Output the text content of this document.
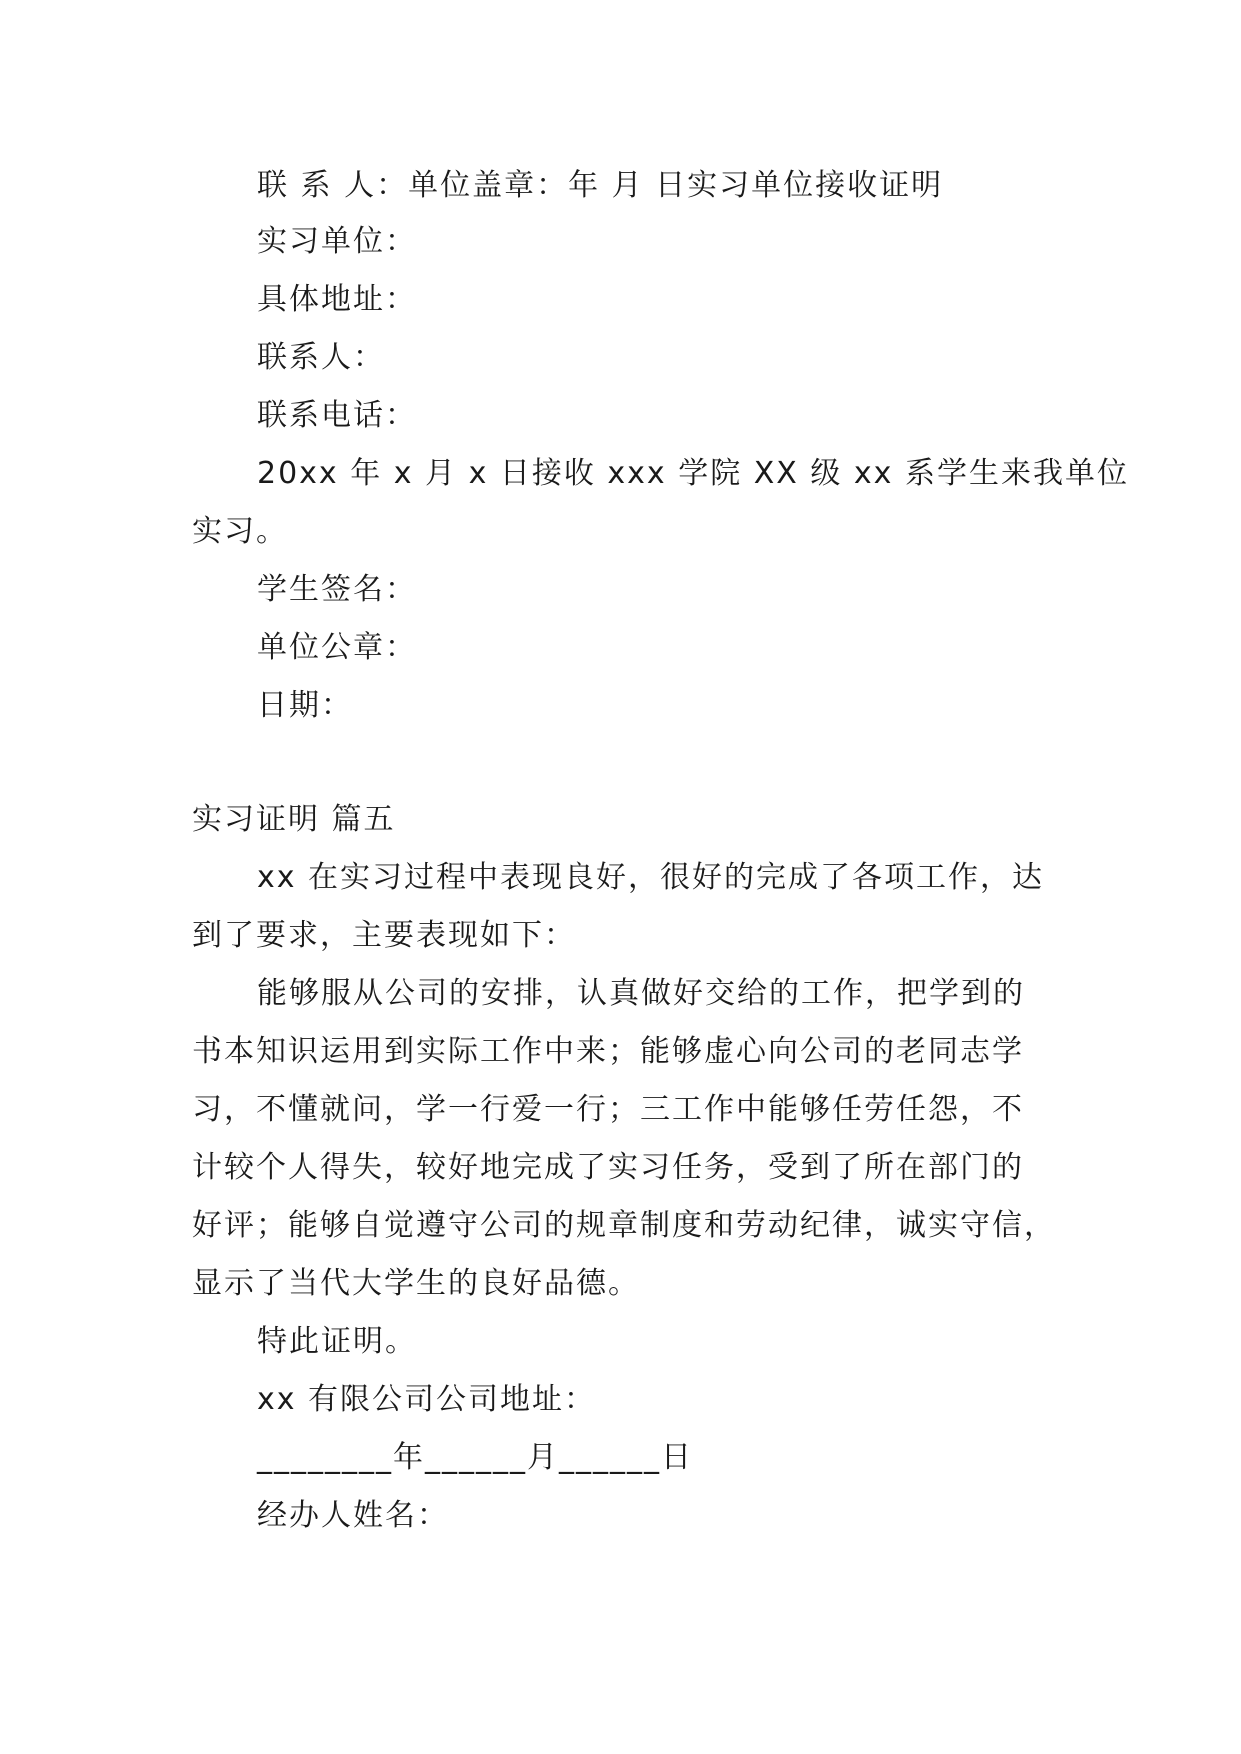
联 系 人：单位盖章：年 月 日实习单位接收证明
实习单位：
具体地址：
联系人：
联系电话：
20xx 年 x 月 x 日接收 xxx 学院 XX 级 xx 系学生来我单位
实习。
学生签名：
单位公章：
日期：
实习证明 篇五
xx 在实习过程中表现良好，很好的完成了各项工作，达
到了要求，主要表现如下：
能够服从公司的安排，认真做好交给的工作，把学到的
书本知识运用到实际工作中来；能够虚心向公司的老同志学
习，不懂就问，学一行爱一行；三工作中能够任劳任怨，不
计较个人得失，较好地完成了实习任务，受到了所在部门的
好评；能够自觉遵守公司的规章制度和劳动纪律，诚实守信，
显示了当代大学生的良好品德。
特此证明。
xx 有限公司公司地址：
________年______月______日
经办人姓名：
